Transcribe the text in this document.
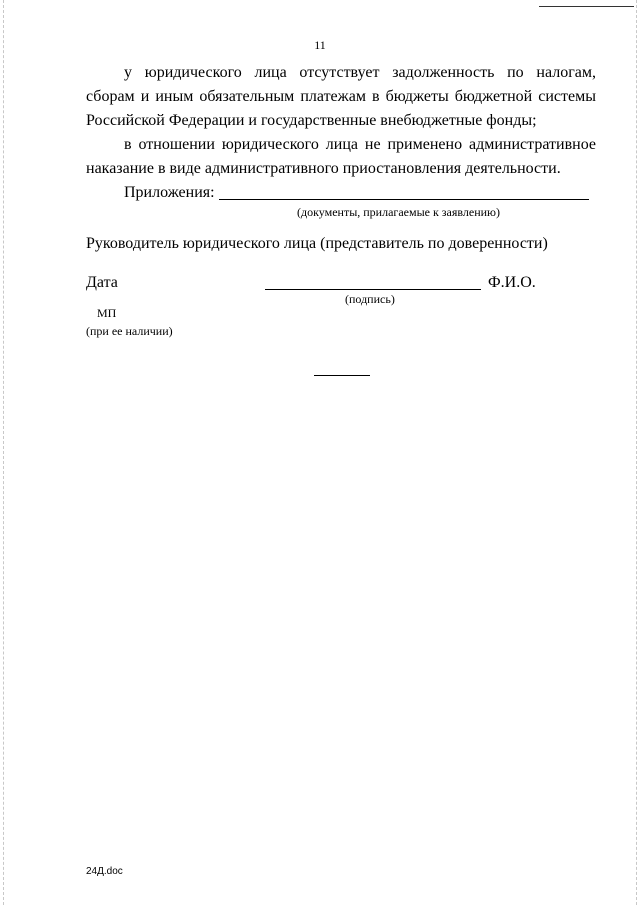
11
у юридического лица отсутствует задолженность по налогам, сборам и иным обязательным платежам в бюджеты бюджетной системы Российской Федерации и государственные внебюджетные фонды;
в отношении юридического лица не применено административное наказание в виде административного приостановления деятельности.
Приложения:
(документы, прилагаемые к заявлению)
Руководитель юридического лица (представитель по доверенности)
Дата	Ф.И.О.
(подпись)
МП
(при ее наличии)
24Д.doc
